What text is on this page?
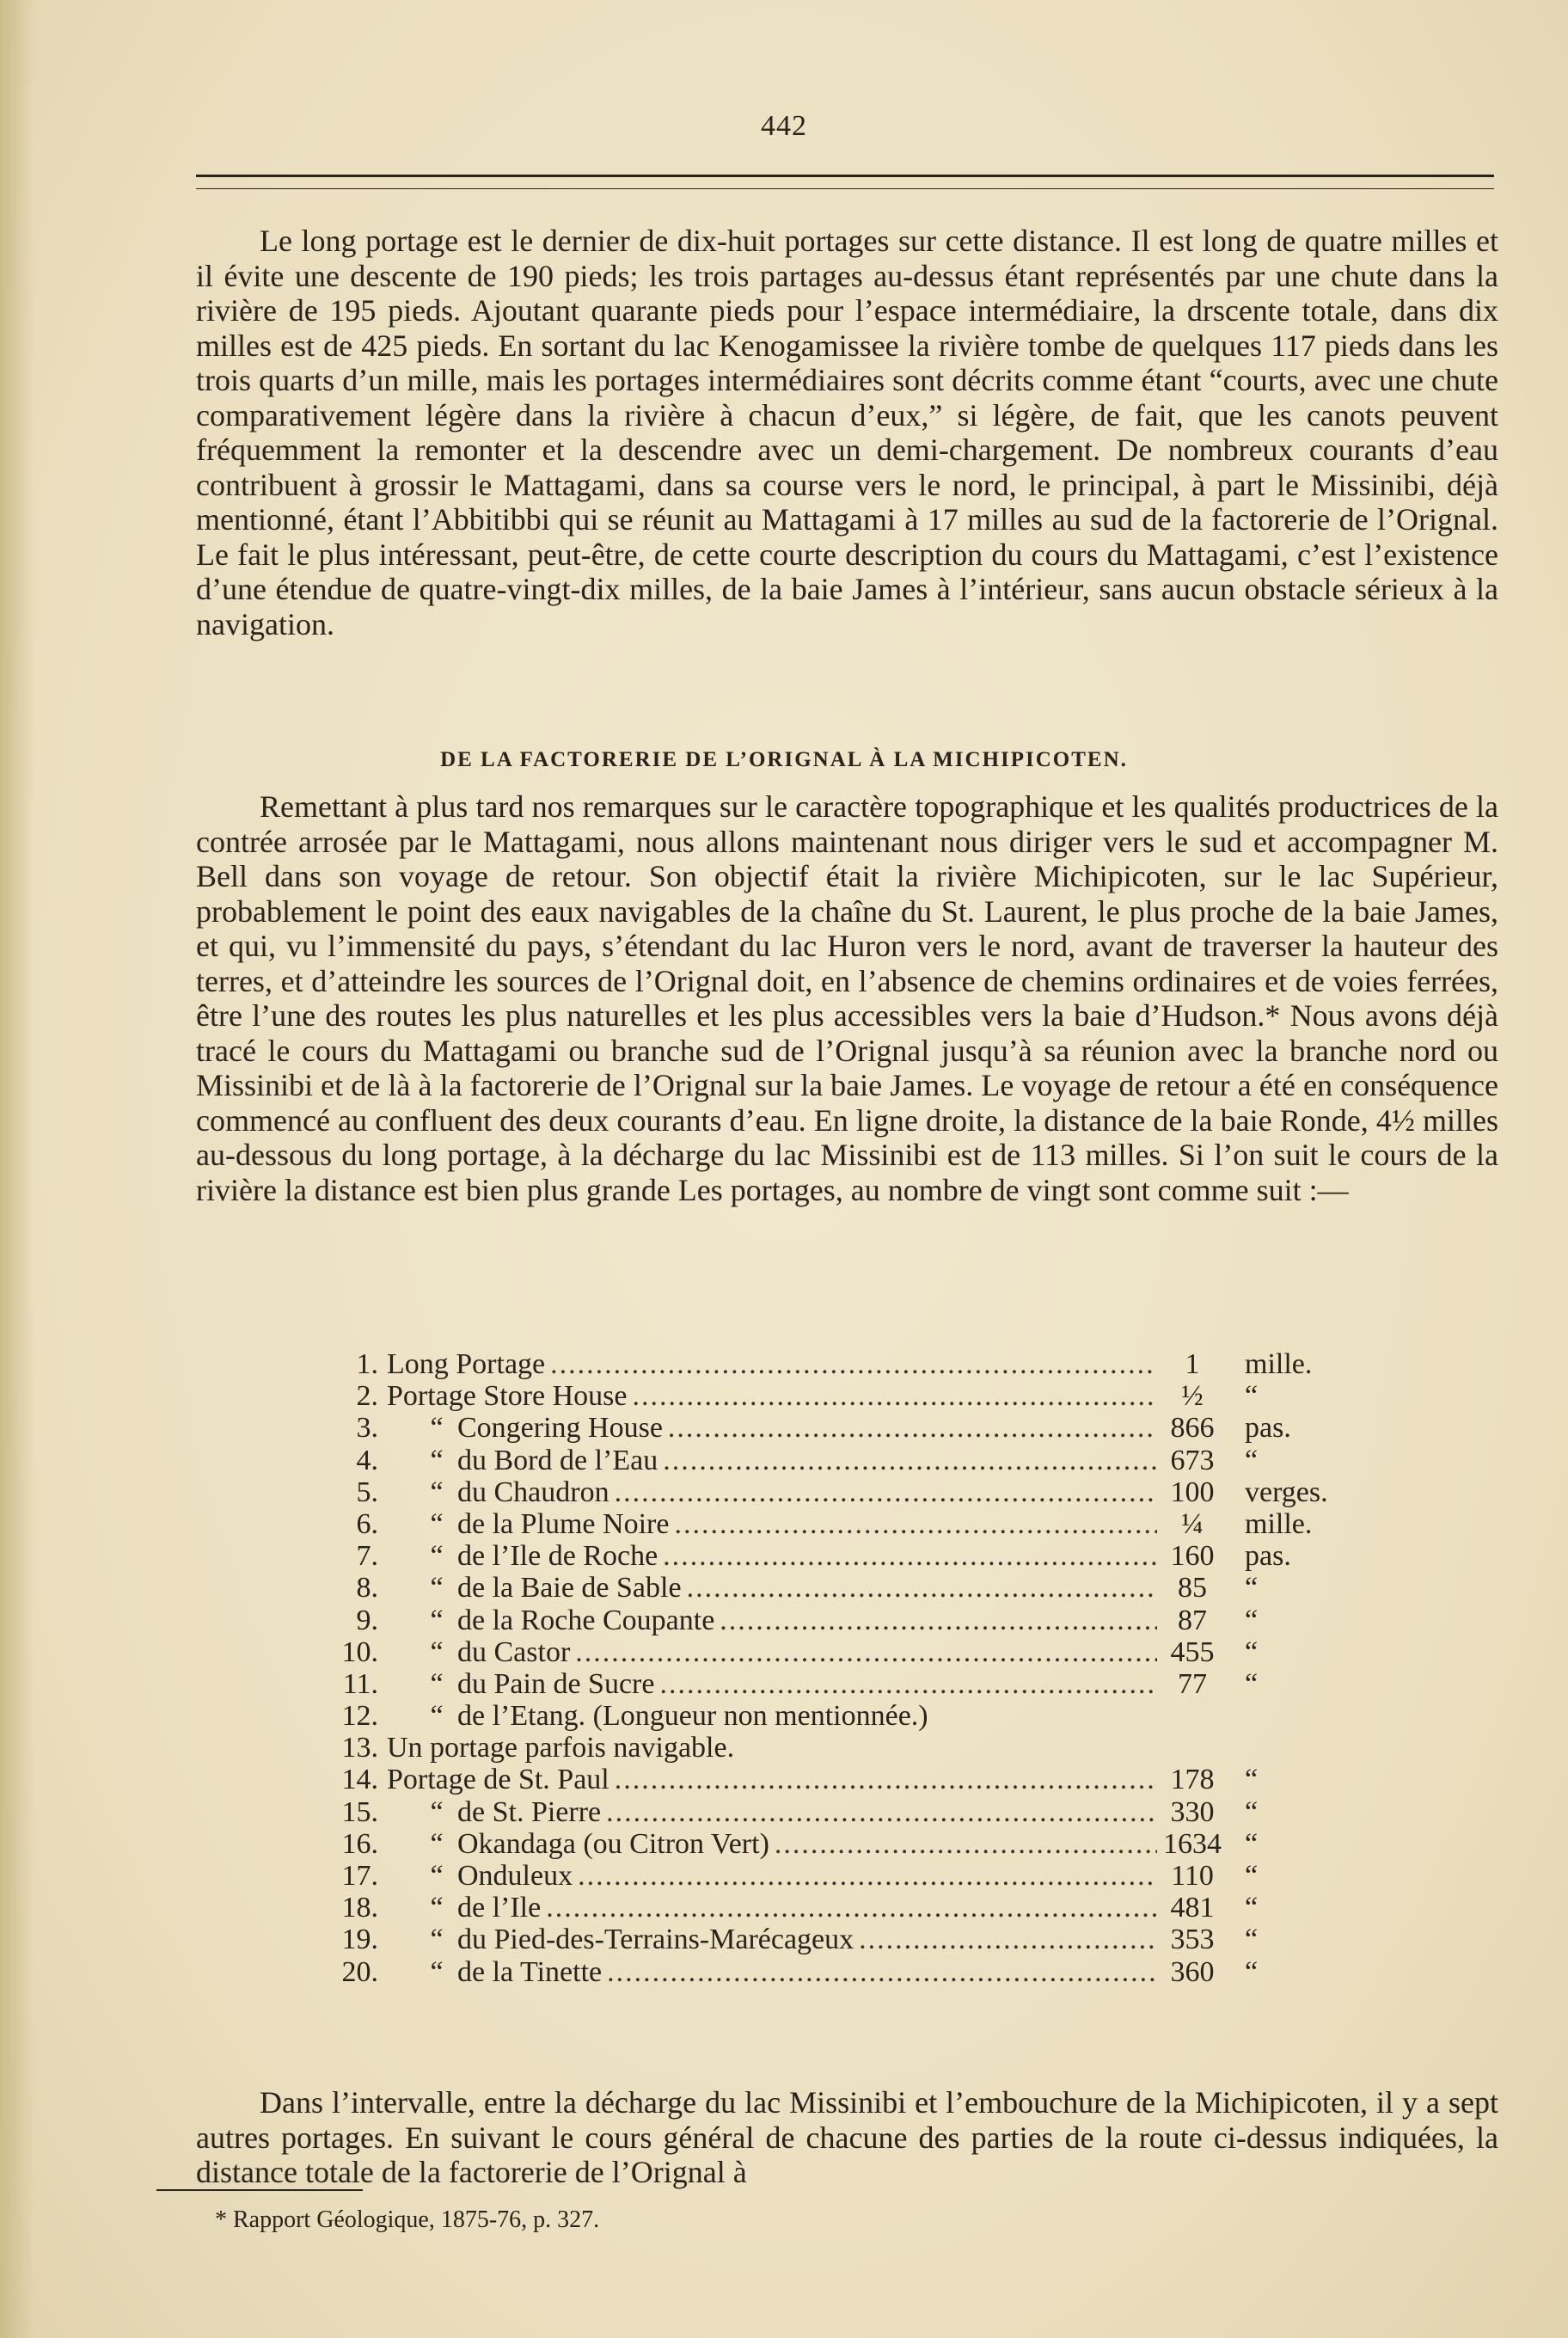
442

Le long portage est le dernier de dix-huit portages sur cette distance. Il est long de quatre milles et il évite une descente de 190 pieds; les trois partages au-dessus étant représentés par une chute dans la rivière de 195 pieds. Ajoutant quarante pieds pour l’espace intermédiaire, la drscente totale, dans dix milles est de 425 pieds. En sortant du lac Kenogamissee la rivière tombe de quelques 117 pieds dans les trois quarts d’un mille, mais les portages intermédiaires sont décrits comme étant “courts, avec une chute comparativement légère dans la rivière à chacun d’eux,” si légère, de fait, que les canots peuvent fréquemment la remonter et la descendre avec un demi-chargement. De nombreux courants d’eau contribuent à grossir le Mattagami, dans sa course vers le nord, le principal, à part le Missinibi, déjà mentionné, étant l’Abbitibbi qui se réunit au Mattagami à 17 milles au sud de la factorerie de l’Orignal. Le fait le plus intéressant, peut-être, de cette courte description du cours du Mattagami, c’est l’existence d’une étendue de quatre-vingt-dix milles, de la baie James à l’intérieur, sans aucun obstacle sérieux à la navigation.

DE LA FACTORERIE DE L’ORIGNAL À LA MICHIPICOTEN.

Remettant à plus tard nos remarques sur le caractère topographique et les qualités productrices de la contrée arrosée par le Mattagami, nous allons maintenant nous diriger vers le sud et accompagner M. Bell dans son voyage de retour. Son objectif était la rivière Michipicoten, sur le lac Supérieur, probablement le point des eaux navigables de la chaîne du St. Laurent, le plus proche de la baie James, et qui, vu l’immensité du pays, s’étendant du lac Huron vers le nord, avant de traverser la hauteur des terres, et d’atteindre les sources de l’Orignal doit, en l’absence de chemins ordinaires et de voies ferrées, être l’une des routes les plus naturelles et les plus accessibles vers la baie d’Hudson.* Nous avons déjà tracé le cours du Mattagami ou branche sud de l’Orignal jusqu’à sa réunion avec la branche nord ou Missinibi et de là à la factorerie de l’Orignal sur la baie James. Le voyage de retour a été en conséquence commencé au confluent des deux courants d’eau. En ligne droite, la distance de la baie Ronde, 4½ milles au-dessous du long portage, à la décharge du lac Missinibi est de 113 milles. Si l’on suit le cours de la rivière la distance est bien plus grande Les portages, au nombre de vingt sont comme suit :—

1. Long Portage .....	1	mille.
2. Portage Store House .....	½	“
3.	“ Congering House .....	866	pas.
4.	“ du Bord de l’Eau .....	673	“
5.	“ du Chaudron .....	100	verges.
6.	“ de la Plume Noire .....	¼	mille.
7.	“ de l’Ile de Roche .....	160	pas.
8.	“ de la Baie de Sable .....	85	“
9.	“ de la Roche Coupante .....	87	“
10.	“ du Castor .....	455	“
11.	“ du Pain de Sucre .....	77	“
12.	“ de l’Etang. (Longueur non mentionnée.)
13. Un portage parfois navigable.
14. Portage de St. Paul .....	178	“
15.	“ de St. Pierre .....	330	“
16.	“ Okandaga (ou Citron Vert) .....	1634 “
17.	“ Onduleux .....	110	“
18.	“ de l’Ile .....	481	“
19.	“ du Pied-des-Terrains-Marécageux .....	353	“
20.	“ de la Tinette .....	360	“

Dans l’intervalle, entre la décharge du lac Missinibi et l’embouchure de la Michipicoten, il y a sept autres portages. En suivant le cours général de chacune des parties de la route ci-dessus indiquées, la distance totale de la factorerie de l’Orignal à

* Rapport Géologique, 1875-76, p. 327.
